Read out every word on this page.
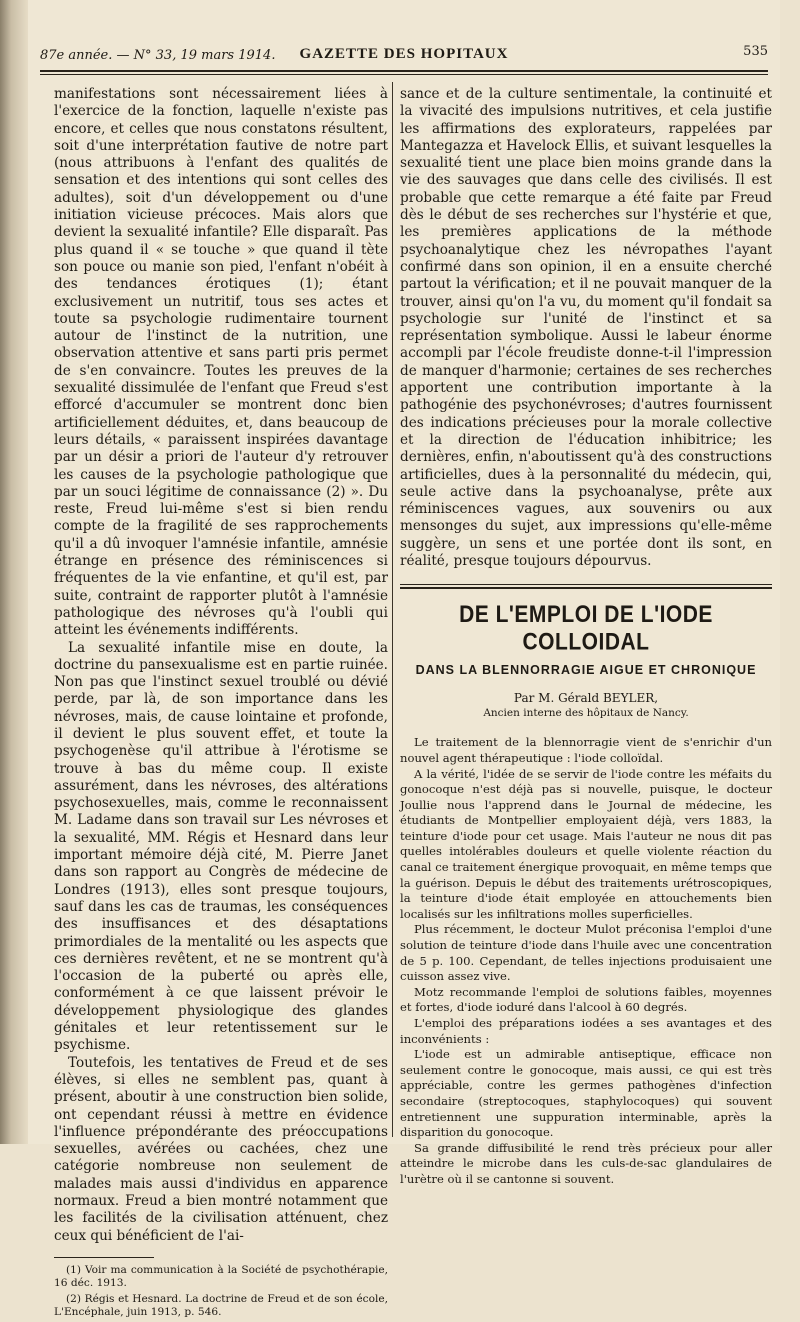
87e année. — N° 33, 19 mars 1914.	GAZETTE DES HOPITAUX	535

manifestations sont nécessairement liées à l'exercice de la fonction, laquelle n'existe pas encore, et celles que nous constatons résultent, soit d'une interprétation fautive de notre part (nous attribuons à l'enfant des qualités de sensation et des intentions qui sont celles des adultes), soit d'un développement ou d'une initiation vicieuse précoces. Mais alors que devient la sexualité infantile? Elle disparaît. Pas plus quand il « se touche » que quand il tète son pouce ou manie son pied, l'enfant n'obéit à des tendances érotiques (1); étant exclusivement un nutritif, tous ses actes et toute sa psychologie rudimentaire tournent autour de l'instinct de la nutrition, une observation attentive et sans parti pris permet de s'en convaincre. Toutes les preuves de la sexualité dissimulée de l'enfant que Freud s'est efforcé d'accumuler se montrent donc bien artificiellement déduites, et, dans beaucoup de leurs détails, « paraissent inspirées davantage par un désir a priori de l'auteur d'y retrouver les causes de la psychologie pathologique que par un souci légitime de connaissance (2) ». Du reste, Freud lui-même s'est si bien rendu compte de la fragilité de ses rapprochements qu'il a dû invoquer l'amnésie infantile, amnésie étrange en présence des réminiscences si fréquentes de la vie enfantine, et qu'il est, par suite, contraint de rapporter plutôt à l'amnésie pathologique des névroses qu'à l'oubli qui atteint les événements indifférents.

La sexualité infantile mise en doute, la doctrine du pansexualisme est en partie ruinée. Non pas que l'instinct sexuel troublé ou dévié perde, par là, de son importance dans les névroses, mais, de cause lointaine et profonde, il devient le plus souvent effet, et toute la psychogenèse qu'il attribue à l'érotisme se trouve à bas du même coup. Il existe assurément, dans les névroses, des altérations psychosexuelles, mais, comme le reconnaissent M. Ladame dans son travail sur Les névroses et la sexualité, MM. Régis et Hesnard dans leur important mémoire déjà cité, M. Pierre Janet dans son rapport au Congrès de médecine de Londres (1913), elles sont presque toujours, sauf dans les cas de traumas, les conséquences des insuffisances et des désaptations primordiales de la mentalité ou les aspects que ces dernières revêtent, et ne se montrent qu'à l'occasion de la puberté ou après elle, conformément à ce que laissent prévoir le développement physiologique des glandes génitales et leur retentissement sur le psychisme.

Toutefois, les tentatives de Freud et de ses élèves, si elles ne semblent pas, quant à présent, aboutir à une construction bien solide, ont cependant réussi à mettre en évidence l'influence prépondérante des préoccupations sexuelles, avérées ou cachées, chez une catégorie nombreuse non seulement de malades mais aussi d'individus en apparence normaux. Freud a bien montré notamment que les facilités de la civilisation atténuent, chez ceux qui bénéficient de l'ai-

(1) Voir ma communication à la Société de psychothérapie, 16 déc. 1913.

(2) Régis et Hesnard. La doctrine de Freud et de son école, L'Encéphale, juin 1913, p. 546.

sance et de la culture sentimentale, la continuité et la vivacité des impulsions nutritives, et cela justifie les affirmations des explorateurs, rappelées par Mantegazza et Havelock Ellis, et suivant lesquelles la sexualité tient une place bien moins grande dans la vie des sauvages que dans celle des civilisés. Il est probable que cette remarque a été faite par Freud dès le début de ses recherches sur l'hystérie et que, les premières applications de la méthode psychoanalytique chez les névropathes l'ayant confirmé dans son opinion, il en a ensuite cherché partout la vérification; et il ne pouvait manquer de la trouver, ainsi qu'on l'a vu, du moment qu'il fondait sa psychologie sur l'unité de l'instinct et sa représentation symbolique. Aussi le labeur énorme accompli par l'école freudiste donne-t-il l'impression de manquer d'harmonie; certaines de ses recherches apportent une contribution importante à la pathogénie des psychonévroses; d'autres fournissent des indications précieuses pour la morale collective et la direction de l'éducation inhibitrice; les dernières, enfin, n'aboutissent qu'à des constructions artificielles, dues à la personnalité du médecin, qui, seule active dans la psychoanalyse, prête aux réminiscences vagues, aux souvenirs ou aux mensonges du sujet, aux impressions qu'elle-même suggère, un sens et une portée dont ils sont, en réalité, presque toujours dépourvus.

DE L'EMPLOI DE L'IODE COLLOIDAL
DANS LA BLENNORRAGIE AIGUE ET CHRONIQUE
Par M. Gérald BEYLER,
Ancien interne des hôpitaux de Nancy.

Le traitement de la blennorragie vient de s'enrichir d'un nouvel agent thérapeutique : l'iode colloïdal.

A la vérité, l'idée de se servir de l'iode contre les méfaits du gonocoque n'est déjà pas si nouvelle, puisque, le docteur Joullie nous l'apprend dans le Journal de médecine, les étudiants de Montpellier employaient déjà, vers 1883, la teinture d'iode pour cet usage. Mais l'auteur ne nous dit pas quelles intolérables douleurs et quelle violente réaction du canal ce traitement énergique provoquait, en même temps que la guérison. Depuis le début des traitements urétroscopiques, la teinture d'iode était employée en attouchements bien localisés sur les infiltrations molles superficielles.

Plus récemment, le docteur Mulot préconisa l'emploi d'une solution de teinture d'iode dans l'huile avec une concentration de 5 p. 100. Cependant, de telles injections produisaient une cuisson assez vive.

Motz recommande l'emploi de solutions faibles, moyennes et fortes, d'iode ioduré dans l'alcool à 60 degrés.

L'emploi des préparations iodées a ses avantages et des inconvénients :

L'iode est un admirable antiseptique, efficace non seulement contre le gonocoque, mais aussi, ce qui est très appréciable, contre les germes pathogènes d'infection secondaire (streptocoques, staphylocoques) qui souvent entretiennent une suppuration interminable, après la disparition du gonocoque.

Sa grande diffusibilité le rend très précieux pour aller atteindre le microbe dans les culs-de-sac glandulaires de l'urètre où il se cantonne si souvent.
